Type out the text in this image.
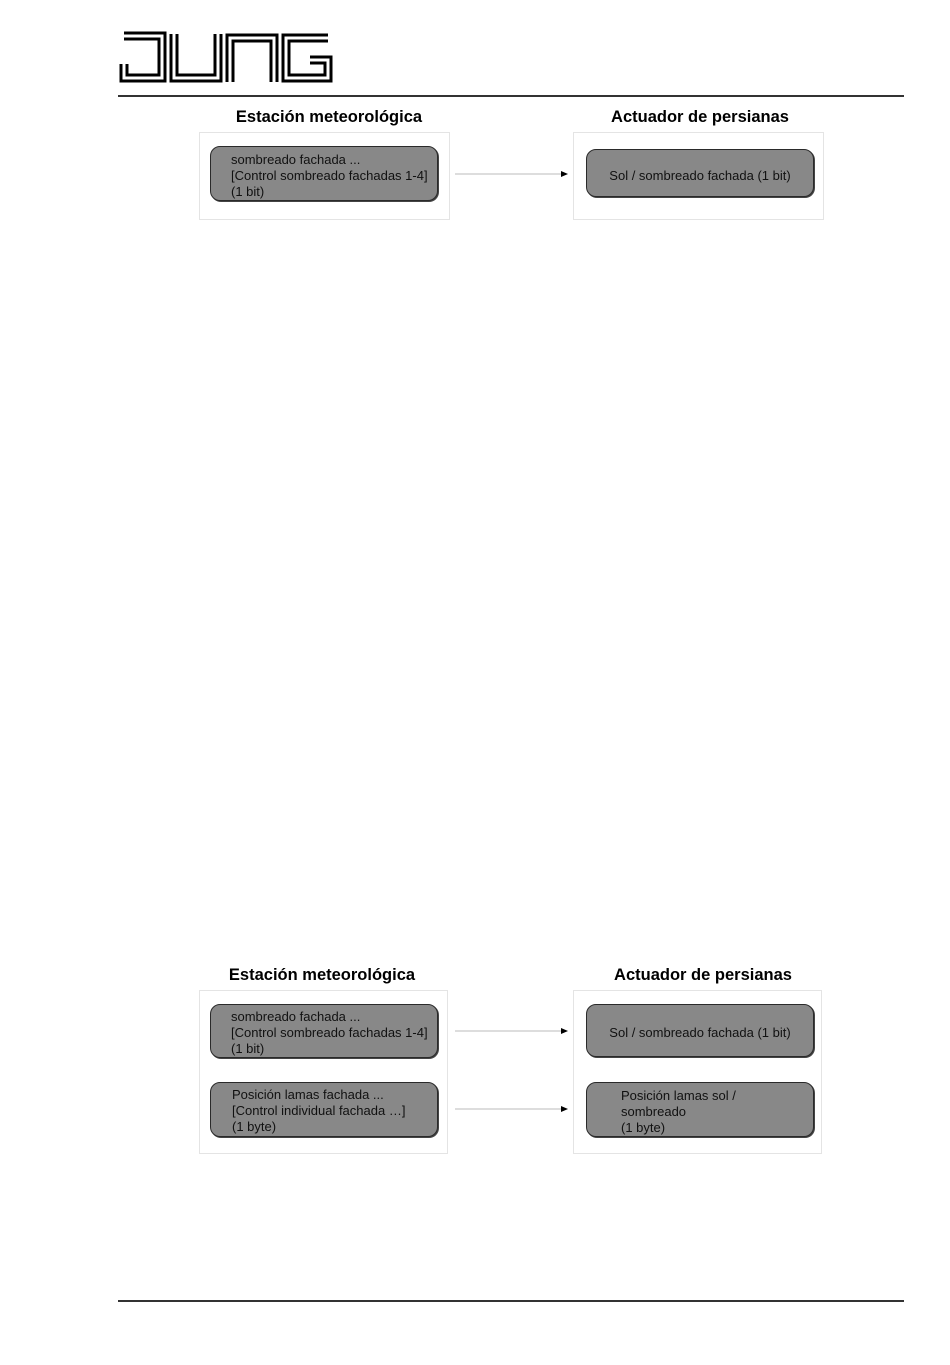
Estación meteorológica	Actuador de persianas
sombreado fachada ...
[Control sombreado fachadas 1-4]
(1 bit)
Sol / sombreado fachada (1 bit)
Estación meteorológica	Actuador de persianas
sombreado fachada ...
[Control sombreado fachadas 1-4]
(1 bit)
Posición lamas fachada ...
[Control individual fachada …]
(1 byte)
Sol / sombreado fachada (1 bit)
Posición lamas sol /
sombreado
(1 byte)
